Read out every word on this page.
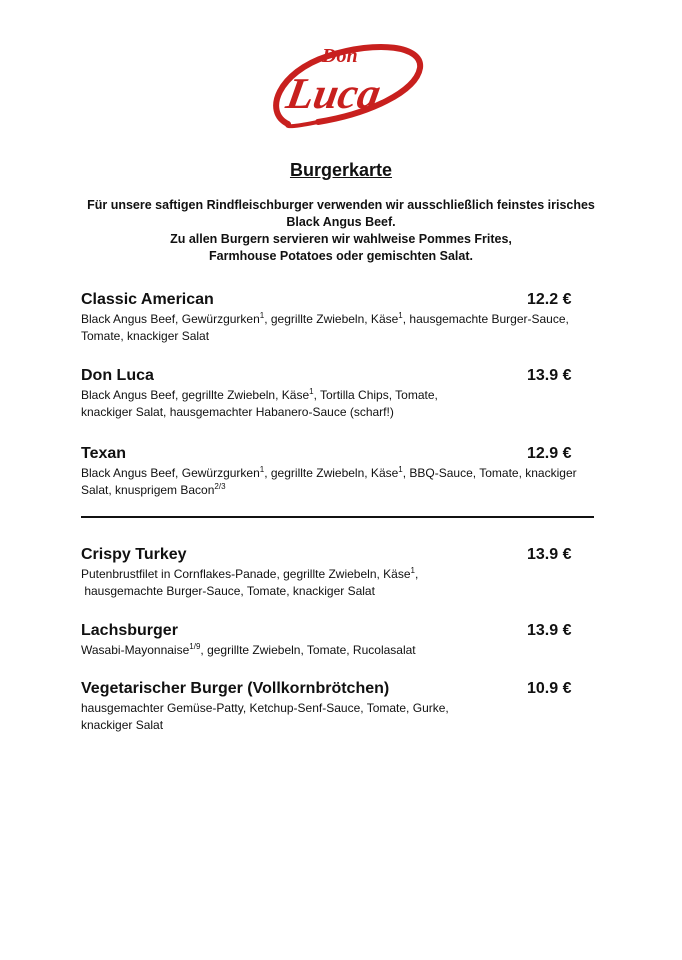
Don
Luca
Burgerkarte
Für unsere saftigen Rindfleischburger verwenden wir ausschließlich feinstes irisches Black Angus Beef.
Zu allen Burgern servieren wir wahlweise Pommes Frites,
Farmhouse Potatoes oder gemischten Salat.
Classic American	12.2 €
Black Angus Beef, Gewürzgurken$^1$, gegrillte Zwiebeln, Käse$^1$, hausgemachte Burger-Sauce,
Tomate, knackiger Salat
Don Luca	13.9 €
Black Angus Beef, gegrillte Zwiebeln, Käse$^1$, Tortilla Chips, Tomate,
knackiger Salat, hausgemachter Habanero-Sauce (scharf!)
Texan	12.9 €
Black Angus Beef, Gewürzgurken$^1$, gegrillte Zwiebeln, Käse$^1$, BBQ-Sauce, Tomate, knackiger
Salat, knusprigem Bacon$^{2/3}$
Crispy Turkey	13.9 €
Putenbrustfilet in Cornflakes-Panade, gegrillte Zwiebeln, Käse$^1$,
hausgemachte Burger-Sauce, Tomate, knackiger Salat
Lachsburger	13.9 €
Wasabi-Mayonnaise$^{1/9}$, gegrillte Zwiebeln, Tomate, Rucolasalat
Vegetarischer Burger (Vollkornbrötchen)	10.9 €
hausgemachter Gemüse-Patty, Ketchup-Senf-Sauce, Tomate, Gurke,
knackiger Salat
